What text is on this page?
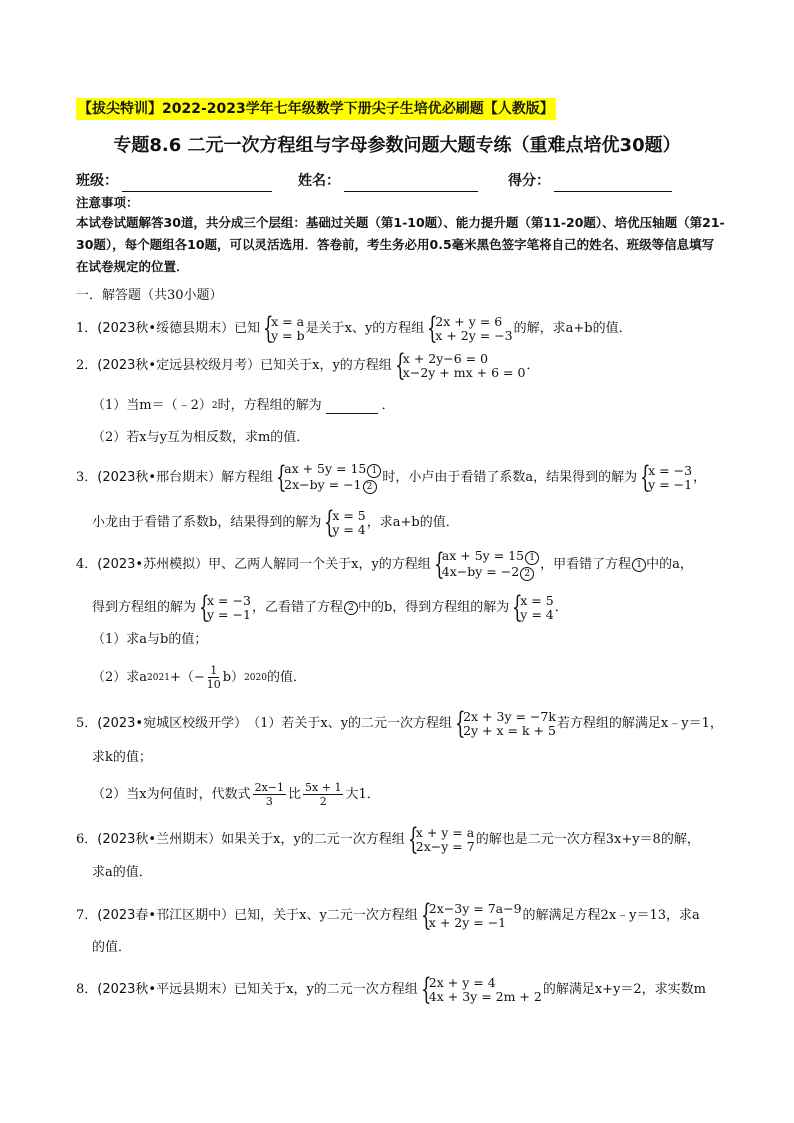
【拔尖特训】2022-2023学年七年级数学下册尖子生培优必刷题【人教版】
专题8.6 二元一次方程组与字母参数问题大题专练（重难点培优30题）
班级：	姓名：	得分：
注意事项：
本试卷试题解答30道，共分成三个层组：基础过关题（第1-10题）、能力提升题（第11-20题）、培优压轴题（第21-30题），每个题组各10题，可以灵活选用．答卷前，考生务必用0.5毫米黑色签字笔将自己的姓名、班级等信息填写在试卷规定的位置．
一．解答题（共30小题）
1． (2023秋•绥德县期末） 已知 {
x = a
y = b 是关于x、y的方程组 {
2x + y = 6
x + 2y = −3 的解，求a+b的值．
2． (2023秋•定远县校级月考） 已知关于x，y的方程组 {
x + 2y−6 = 0
x−2y + mx + 6 = 0 ．
（1）当m＝（﹣2） 2 时，方程组的解为	．
（2）若x与y互为相反数，求m的值．
3． (2023秋•邢台期末） 解方程组 {
ax + 5y = 15 1
2x−by = −1 2
时，小卢由于看错了系数a，结果得到的解为 {
x = −3
y = −1 ，
小龙由于看错了系数b，结果得到的解为 {
x = 5
y = 4 ，求a+b的值．
4． (2023•苏州模拟） 甲、乙两人解同一个关于x，y的方程组 {
ax + 5y = 15 1
4x−by = −2 2
，甲看错了方程 1 中的a，
得到方程组的解为 {
x = −3
y = −1 ，乙看错了方程 2 中的b，得到方程组的解为 {
x = 5
y = 4 ．
（1）求a与b的值；
（2）求a 2021 +（− $\frac{1}{10} b$） 2020 的值．
5． (2023•宛城区校级开学） （1）若关于x、y的二元一次方程组 {
2x + 3y = −7k
2y + x = k + 5 若方程组的解满足x﹣y＝1，
求k的值；
（2）当x为何值时，代数式 $\frac{2x-1}{3}$ 比 $\frac{5x + 1}{2}$ 大1．
6． (2023秋•兰州期末） 如果关于x，y的二元一次方程组 {
x + y = a
2x−y = 7 的解也是二元一次方程3x+y＝8的解，
求a的值．
7． (2023春•邗江区期中） 已知，关于x、y二元一次方程组 {
2x−3y = 7a−9
x + 2y = −1	的解满足方程2x﹣y＝13，求a
的值．
8． (2023秋•平远县期末） 已知关于x，y的二元一次方程组 {
2x + y = 4
4x + 3y = 2m + 2 的解满足x+y＝2，求实数m
